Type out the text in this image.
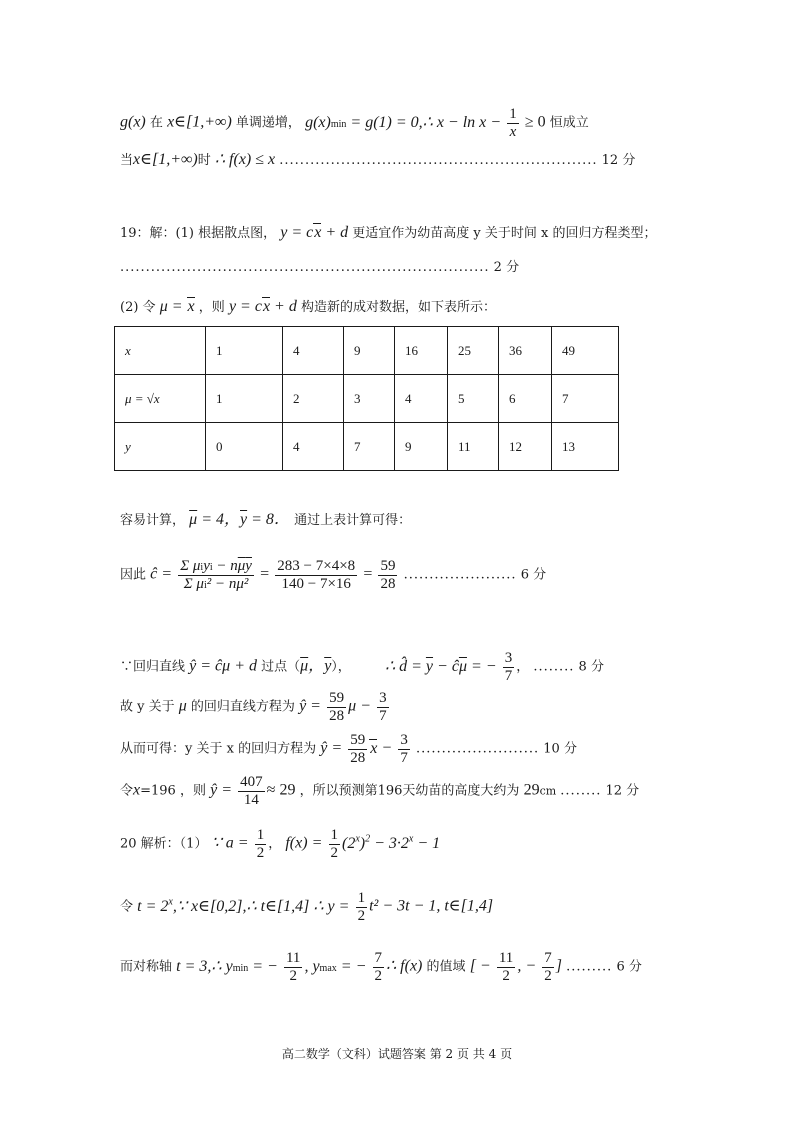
g(x) 在 x∈[1,+∞) 单调递增， g(x)min = g(1) = 0,∴ $x - \ln x - \frac{1}{x} \ge 0$ 恒成立
当x∈[1,+∞)时 ∴ f(x) ≤ x .............................................................. 12 分
19：解：(1) 根据散点图， y = cx + d 更适宜作为幼苗高度 y 关于时间 x 的回归方程类型；
........................................................................ 2 分
(2) 令 μ = x ，则 y = cx + d 构造新的成对数据，如下表所示：
x	1	4	9	16	25	36	49
μ = √x	1	2	3	4	5	6	7
y	0	4	7	9	11	12	13
容易计算， $\overline{\mu} = 4$，$\overline{y} = 8$． 通过上表计算可得：
因此 ĉ = $\frac{\Sigma \mu iyi - n\overline{\mu}\overline{y}}{\Sigma \mu i^2 - n\overline{\mu}^2} = \frac{283 - 7\times 4\times 8}{140 - 7\times 16} = \frac{59}{28}$ ...................... 6 分
∵回归直线 ŷ = ĉμ + d 过点（$\overline{\mu}$，$\overline{y}$）， ∴ d̂ = $\overline{y}$ − $ĉ\overline{\mu}$ = − $\frac{3}{7}$ ， ........ 8 分
故 y 关于 μ 的回归直线方程为 ŷ = $\frac{59}{28}$ $\mu - \frac{3}{7}$
从而可得：y 关于 x 的回归方程为 ŷ = $\frac{59}{28}$ $x - \frac{3}{7}$ ........................ 10 分
令x=196 ，则 ŷ = $\frac{407}{14} \approx 29$ ，所以预测第196天幼苗的高度大约为 29cm ........ 12 分
20 解析：（1） ∵ $a = \frac{1}{2}$ ， $f(x) = \frac{1}{2} (2^x)^2 - 3\cdot 2^x - 1$
令 $t = 2^x,\because$ x∈[0,2],∴ t∈[1,4] ∴ $y = \frac{1}{2} t^2 - 3t - 1$, t∈[1,4]
而对称轴 t = 3,∴ ymin = − $\frac{11}{2}$ , ymax = − $\frac{7}{2}$ ∴ f(x) 的值域 [ − $\frac{11}{2}$ , − $\frac{7}{2}$ ] ......... 6 分
高二数学（文科）试题答案 第 2 页 共 4 页
